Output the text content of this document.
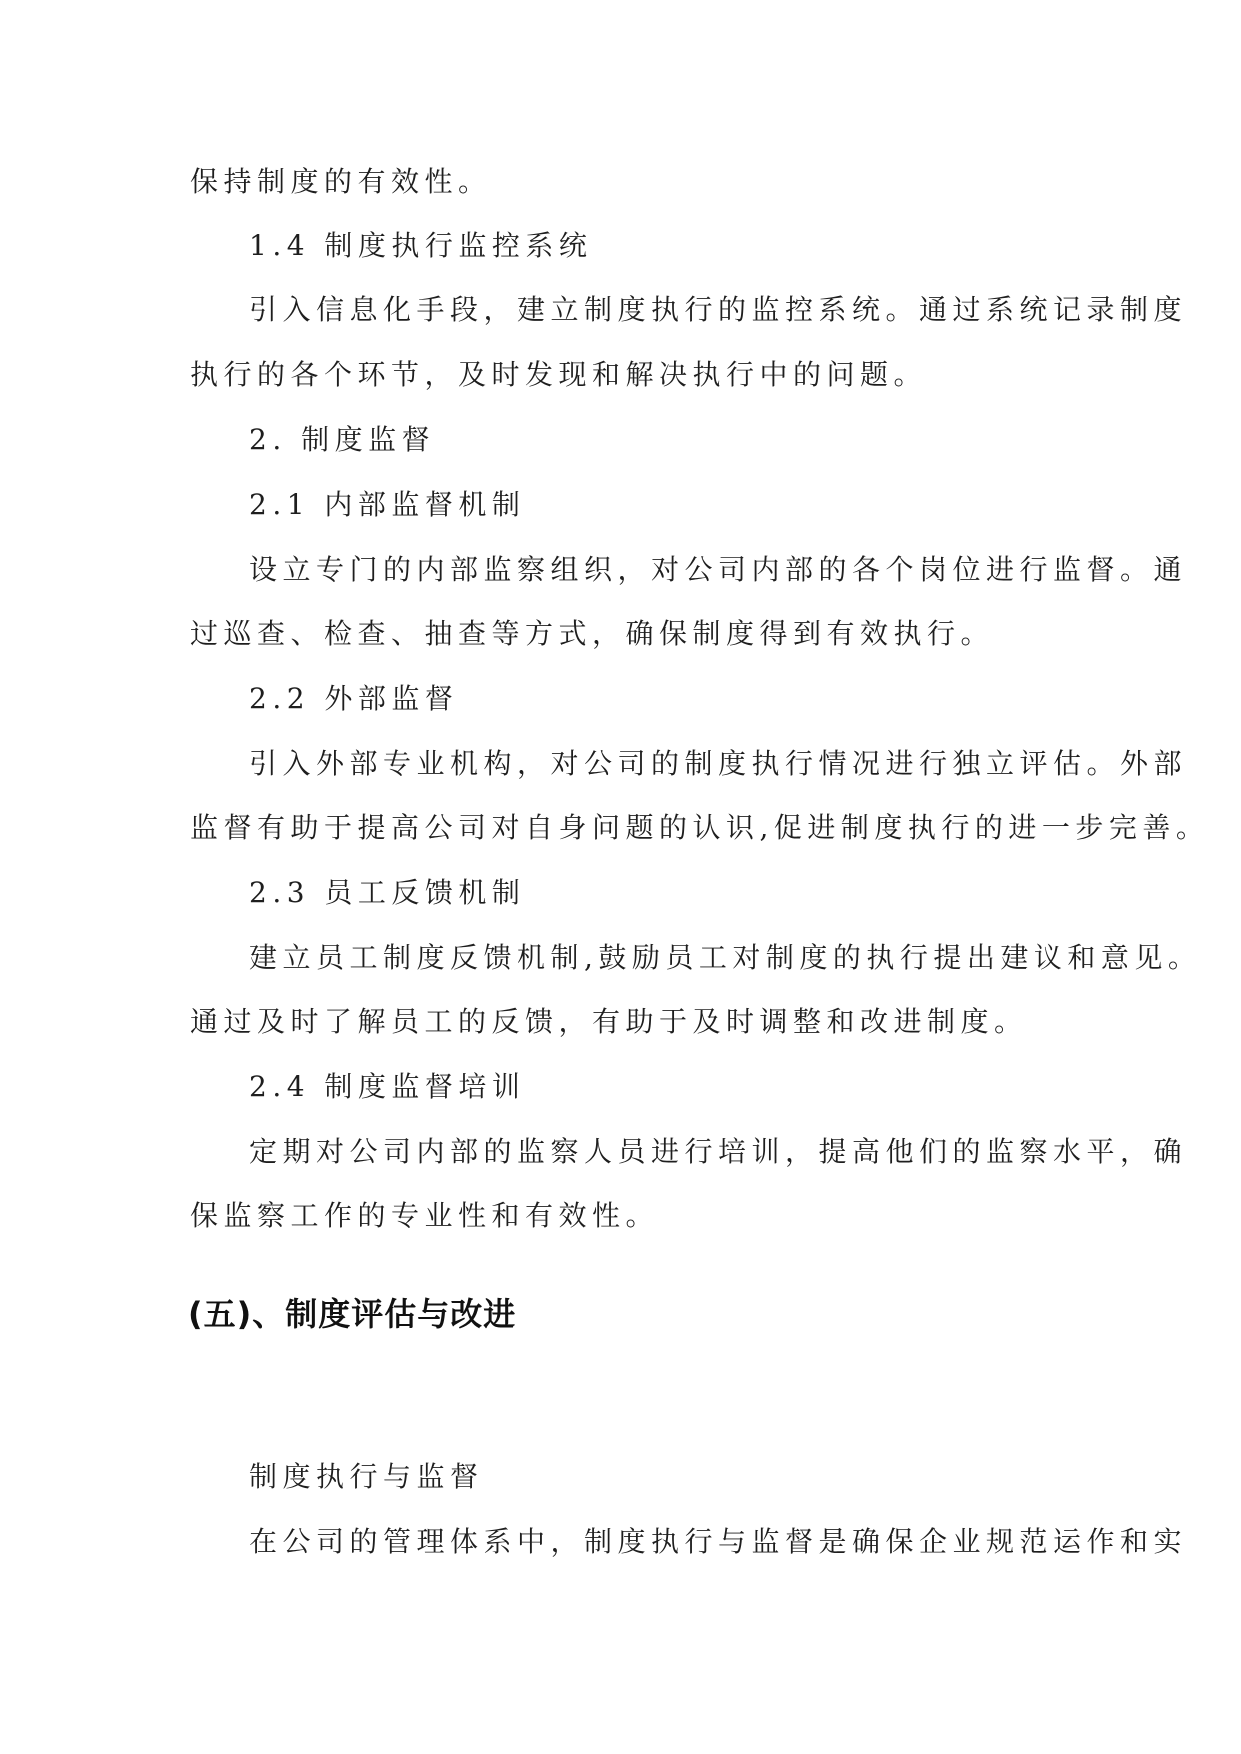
保持制度的有效性。
1.4 制度执行监控系统
引入信息化手段，建立制度执行的监控系统。通过系统记录制度
执行的各个环节，及时发现和解决执行中的问题。
2. 制度监督
2.1 内部监督机制
设立专门的内部监察组织，对公司内部的各个岗位进行监督。通
过巡查、检查、抽查等方式，确保制度得到有效执行。
2.2 外部监督
引入外部专业机构，对公司的制度执行情况进行独立评估。外部
监督有助于提高公司对自身问题的认识,促进制度执行的进一步完善。
2.3 员工反馈机制
建立员工制度反馈机制,鼓励员工对制度的执行提出建议和意见。
通过及时了解员工的反馈，有助于及时调整和改进制度。
2.4 制度监督培训
定期对公司内部的监察人员进行培训，提高他们的监察水平，确
保监察工作的专业性和有效性。
(五)、制度评估与改进
制度执行与监督
在公司的管理体系中，制度执行与监督是确保企业规范运作和实
